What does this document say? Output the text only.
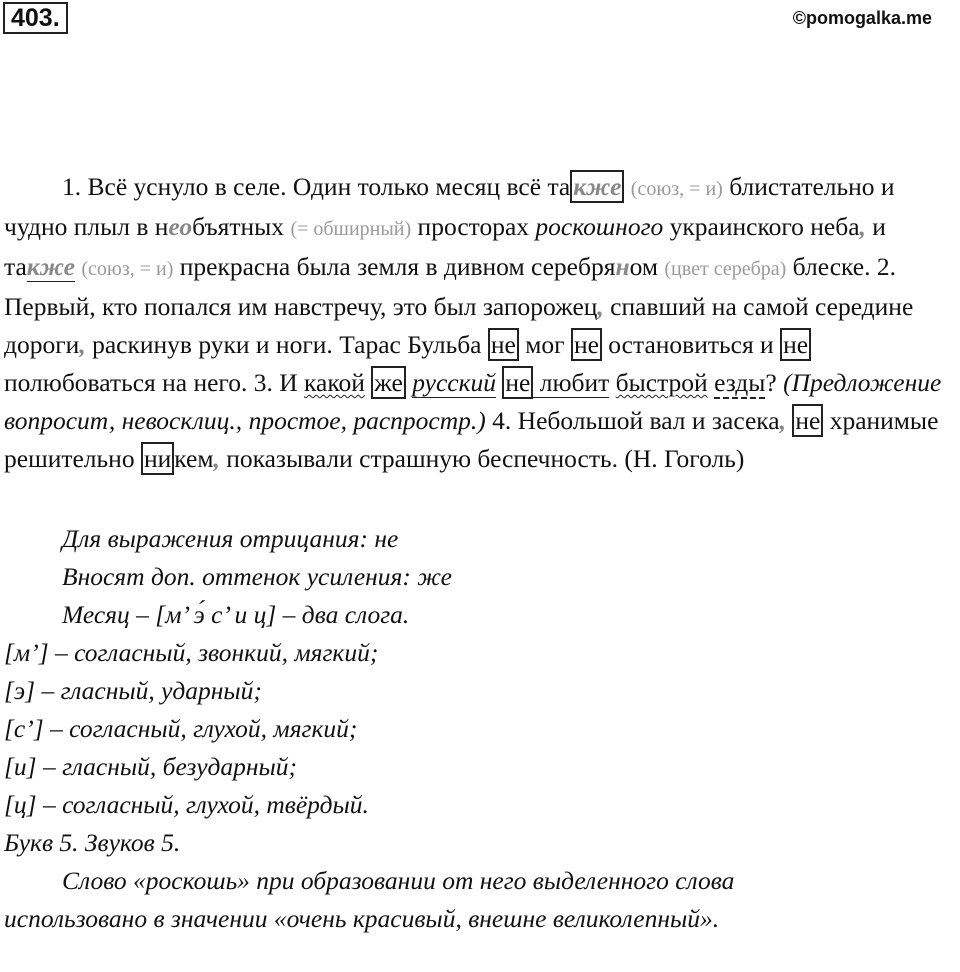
403.	©pomogalka.me

1. Всё уснуло в селе. Один только месяц всё та кже (союз, = и) блистательно и чудно плыл в необъятных (= обширный) просторах роскошного украинского неба, и также (союз, = и) прекрасна была земля в дивном серебряном (цвет серебра) блеске. 2. Первый, кто попался им навстречу, это был запорожец, спавший на самой середине дороги, раскинув руки и ноги. Тарас Бульба не мог не остановиться и не полюбоваться на него. 3. И какой же русский не любит быстрой езды? (Предложение вопросит, невосклиц., простое, распростр.) 4. Небольшой вал и засека, не хранимые решительно ни кем, показывали страшную беспечность. (Н. Гоголь)

Для выражения отрицания: не

Вносят доп. оттенок усиления: же

Месяц – [м’ э́ с’ и ц] – два слога.

[м’] – согласный, звонкий, мягкий;

[э] – гласный, ударный;

[с’] – согласный, глухой, мягкий;

[и] – гласный, безударный;

[ц] – согласный, глухой, твёрдый.

Букв 5. Звуков 5.

Слово «роскошь» при образовании от него выделенного слова

использовано в значении «очень красивый, внешне великолепный».
